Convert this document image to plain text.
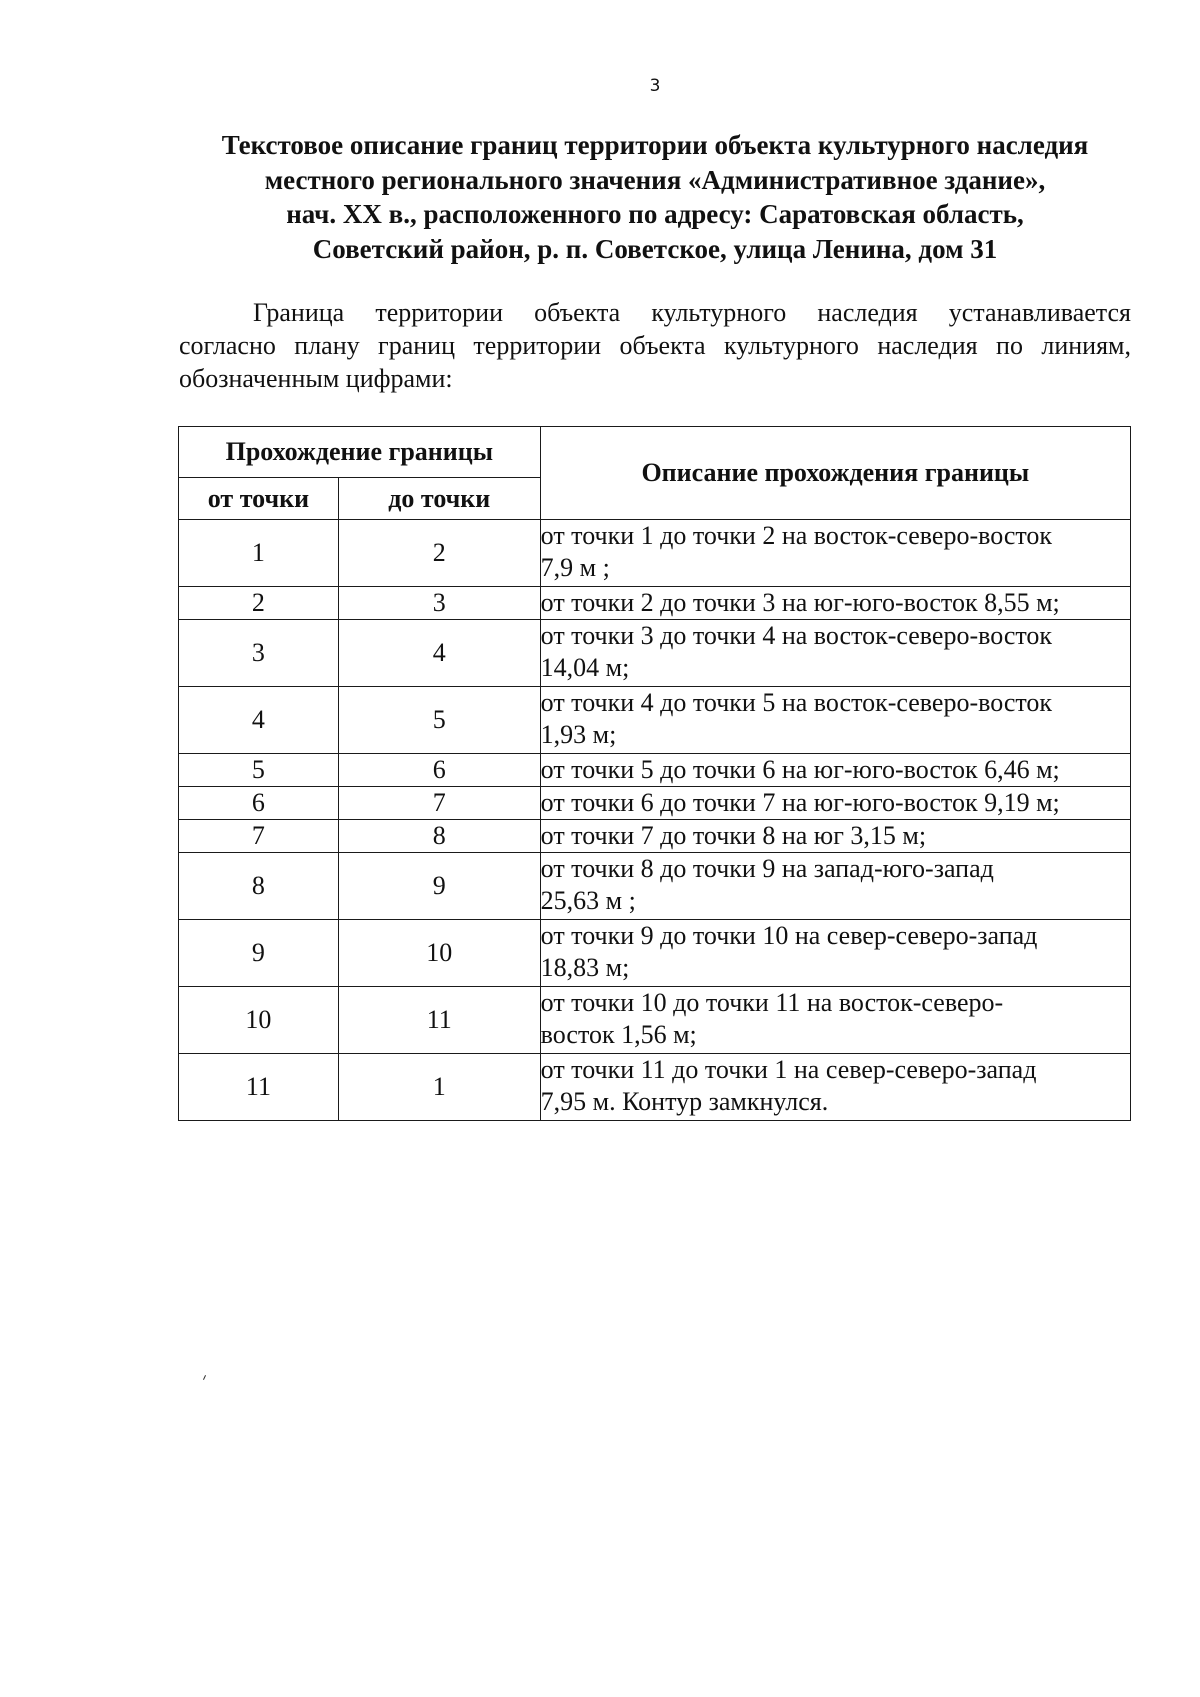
3
Текстовое описание границ территории объекта культурного наследия
местного регионального значения «Административное здание»,
нач. XX в., расположенного по адресу: Саратовская область,
Советский район, р. п. Советское, улица Ленина, дом 31
Граница территории объекта культурного наследия устанавливается
согласно плану границ территории объекта культурного наследия по линиям,
обозначенным цифрами:
Прохождение границы		Описание прохождения границы
от точки	до точки	
1	2	от точки 1 до точки 2 на восток-северо-восток
7,9 м ;

2	3	от точки 2 до точки 3 на юг-юго-восток 8,55 м;

3	4	от точки 3 до точки 4 на восток-северо-восток
14,04 м;

4	5	от точки 4 до точки 5 на восток-северо-восток
1,93 м;

5	6	от точки 5 до точки 6 на юг-юго-восток 6,46 м;

6	7	от точки 6 до точки 7 на юг-юго-восток 9,19 м;

7	8	от точки 7 до точки 8 на юг 3,15 м;

8	9	от точки 8 до точки 9 на запад-юго-запад
25,63 м ;

9	10	от точки 9 до точки 10 на север-северо-запад
18,83 м;

10	11	от точки 10 до точки 11 на восток-северо-
восток 1,56 м;

11	1	от точки 11 до точки 1 на север-северо-запад
7,95 м. Контур замкнулся.
